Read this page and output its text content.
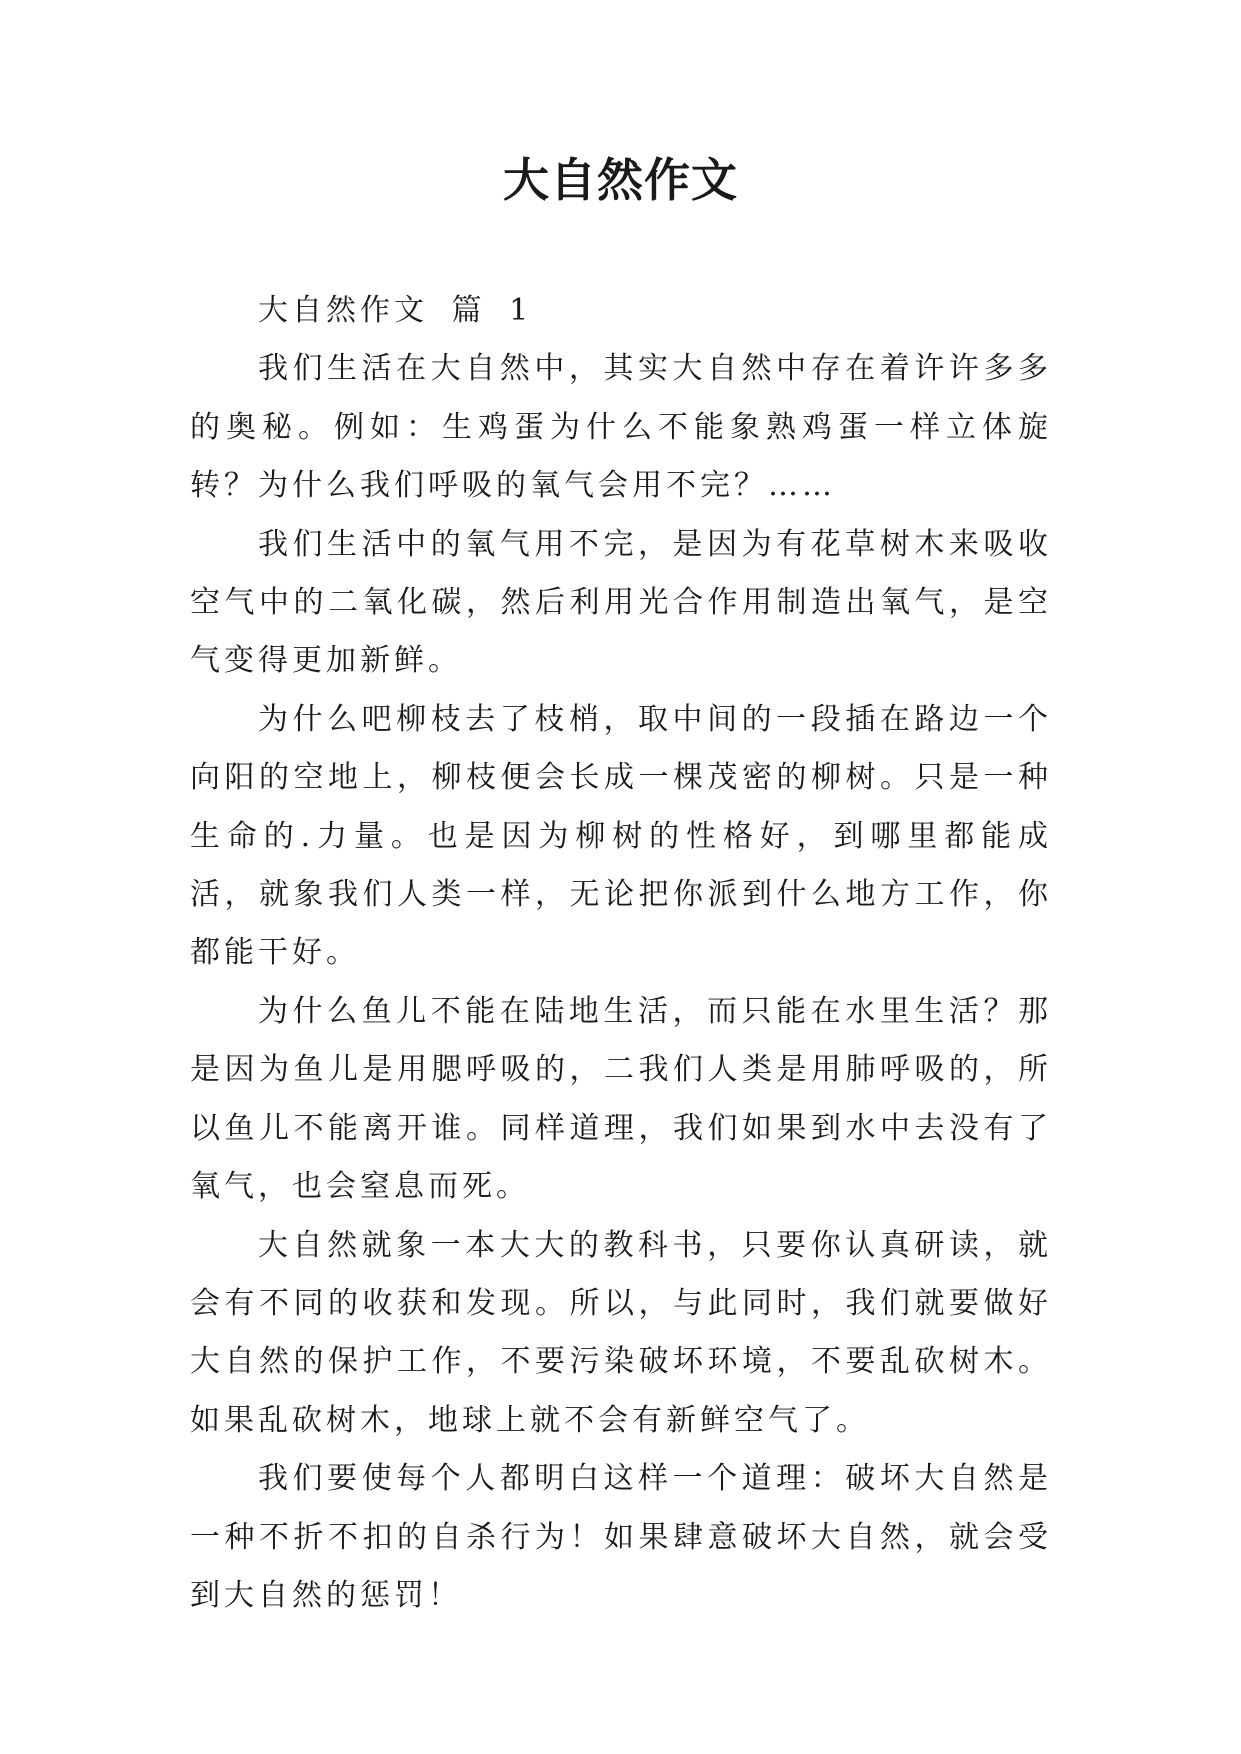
大自然作文

大自然作文 篇 1

我们生活在大自然中，其实大自然中存在着许许多多的奥秘。例如：生鸡蛋为什么不能象熟鸡蛋一样立体旋转？为什么我们呼吸的氧气会用不完？……

我们生活中的氧气用不完，是因为有花草树木来吸收空气中的二氧化碳，然后利用光合作用制造出氧气，是空气变得更加新鲜。

为什么吧柳枝去了枝梢，取中间的一段插在路边一个向阳的空地上，柳枝便会长成一棵茂密的柳树。只是一种生命的.力量。也是因为柳树的性格好，到哪里都能成活，就象我们人类一样，无论把你派到什么地方工作，你都能干好。

为什么鱼儿不能在陆地生活，而只能在水里生活？那是因为鱼儿是用腮呼吸的，二我们人类是用肺呼吸的，所以鱼儿不能离开谁。同样道理，我们如果到水中去没有了氧气，也会窒息而死。

大自然就象一本大大的教科书，只要你认真研读，就会有不同的收获和发现。所以，与此同时，我们就要做好大自然的保护工作，不要污染破坏环境，不要乱砍树木。如果乱砍树木，地球上就不会有新鲜空气了。

我们要使每个人都明白这样一个道理：破坏大自然是一种不折不扣的自杀行为！如果肆意破坏大自然，就会受到大自然的惩罚！
